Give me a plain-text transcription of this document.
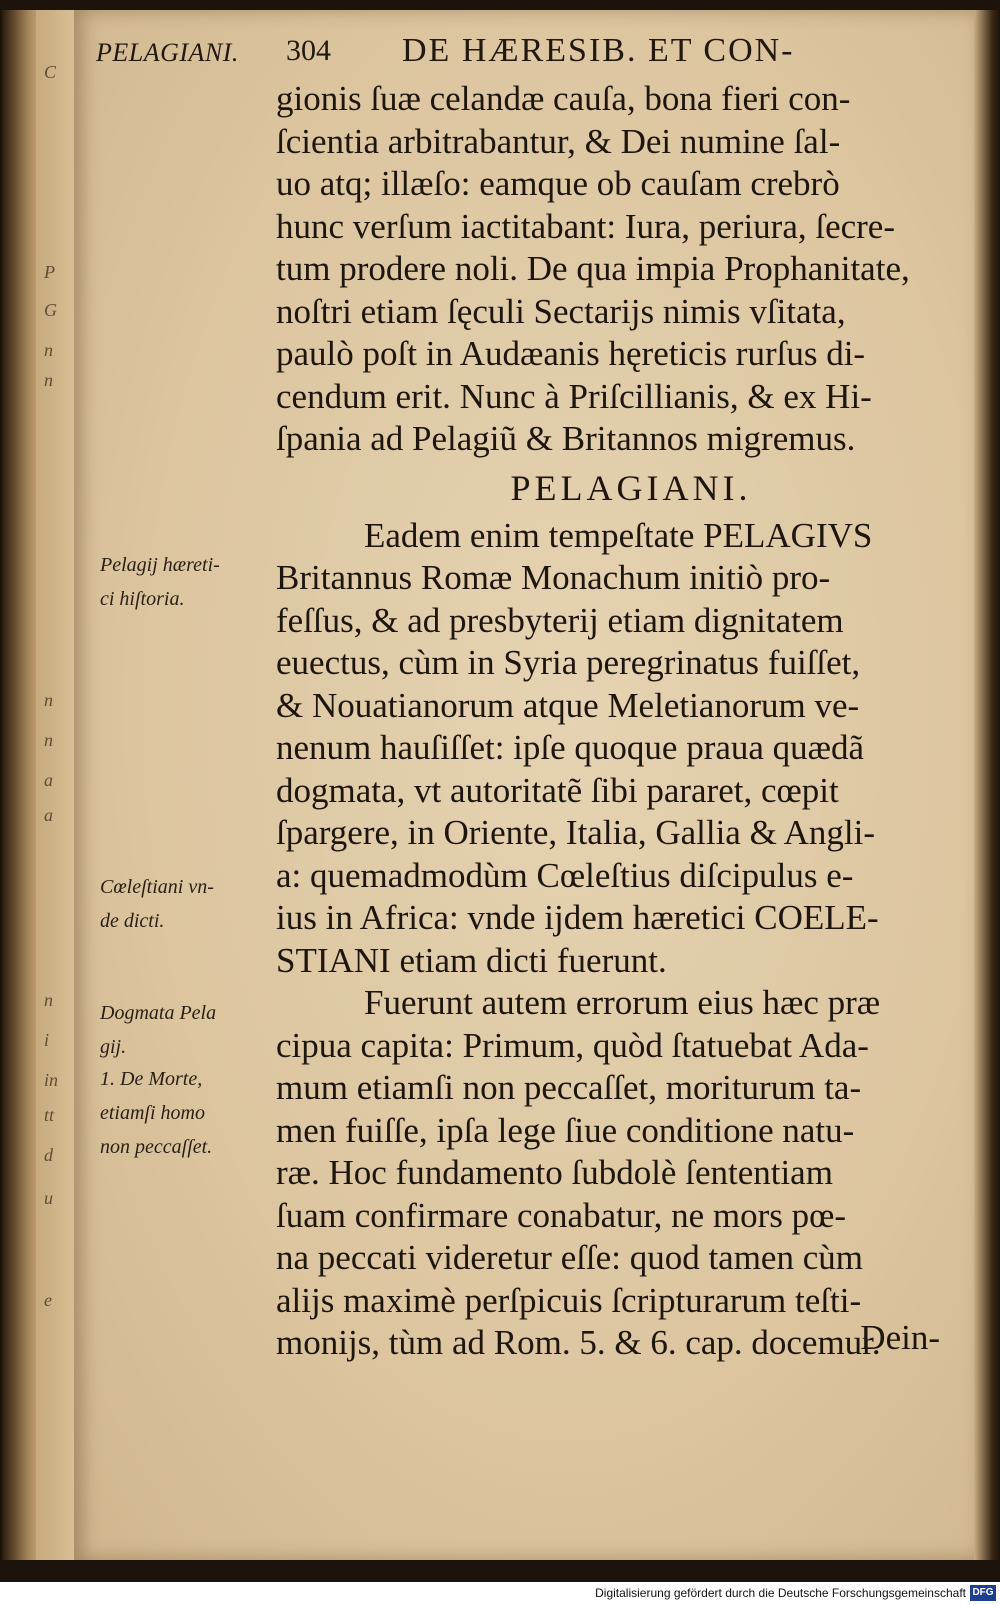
C
P
G
n
n
n
n
a
a
n
i
in
tt
d
u
e
PELAGIANI. 304 DE HÆRESIB. ET CON-
gionis ſuæ celandæ cauſa, bona fieri con-
ſcientia arbitrabantur, & Dei numine ſal-
uo atq; illæſo: eamque ob cauſam crebrò
hunc verſum iactitabant: Iura, periura, ſecre-
tum prodere noli. De qua impia Prophanitate,
noſtri etiam ſęculi Sectarijs nimis vſitata,
paulò poſt in Audæanis hęreticis rurſus di-
cendum erit. Nunc à Priſcillianis, & ex Hi-
ſpania ad Pelagiũ & Britannos migremus.
PELAGIANI.
Eadem enim tempeſtate PELAGIVS
Britannus Romæ Monachum initiò pro-
feſſus, & ad presbyterij etiam dignitatem
euectus, cùm in Syria peregrinatus fuiſſet,
& Nouatianorum atque Meletianorum ve-
nenum hauſiſſet: ipſe quoque praua quædã
dogmata, vt autoritatẽ ſibi pararet, cœpit
ſpargere, in Oriente, Italia, Gallia & Angli-
a: quemadmodùm Cœleſtius diſcipulus e-
ius in Africa: vnde ijdem hæretici COELE-
STIANI etiam dicti fuerunt.
Fuerunt autem errorum eius hæc præ
cipua capita: Primum, quòd ſtatuebat Ada-
mum etiamſi non peccaſſet, moriturum ta-
men fuiſſe, ipſa lege ſiue conditione natu-
ræ. Hoc fundamento ſubdolè ſententiam
ſuam confirmare conabatur, ne mors pœ-
na peccati videretur eſſe: quod tamen cùm
alijs maximè perſpicuis ſcripturarum teſti-
monijs, tùm ad Rom. 5. & 6. cap. docemur.
Dein-
Pelagij hæreti-
ci hiſtoria.
Cœleſtiani vn-
de dicti.
Dogmata Pela
gij.
1. De Morte,
etiamſi homo
non peccaſſet.
Digitalisierung gefördert durch die Deutsche Forschungsgemeinschaft DFG
